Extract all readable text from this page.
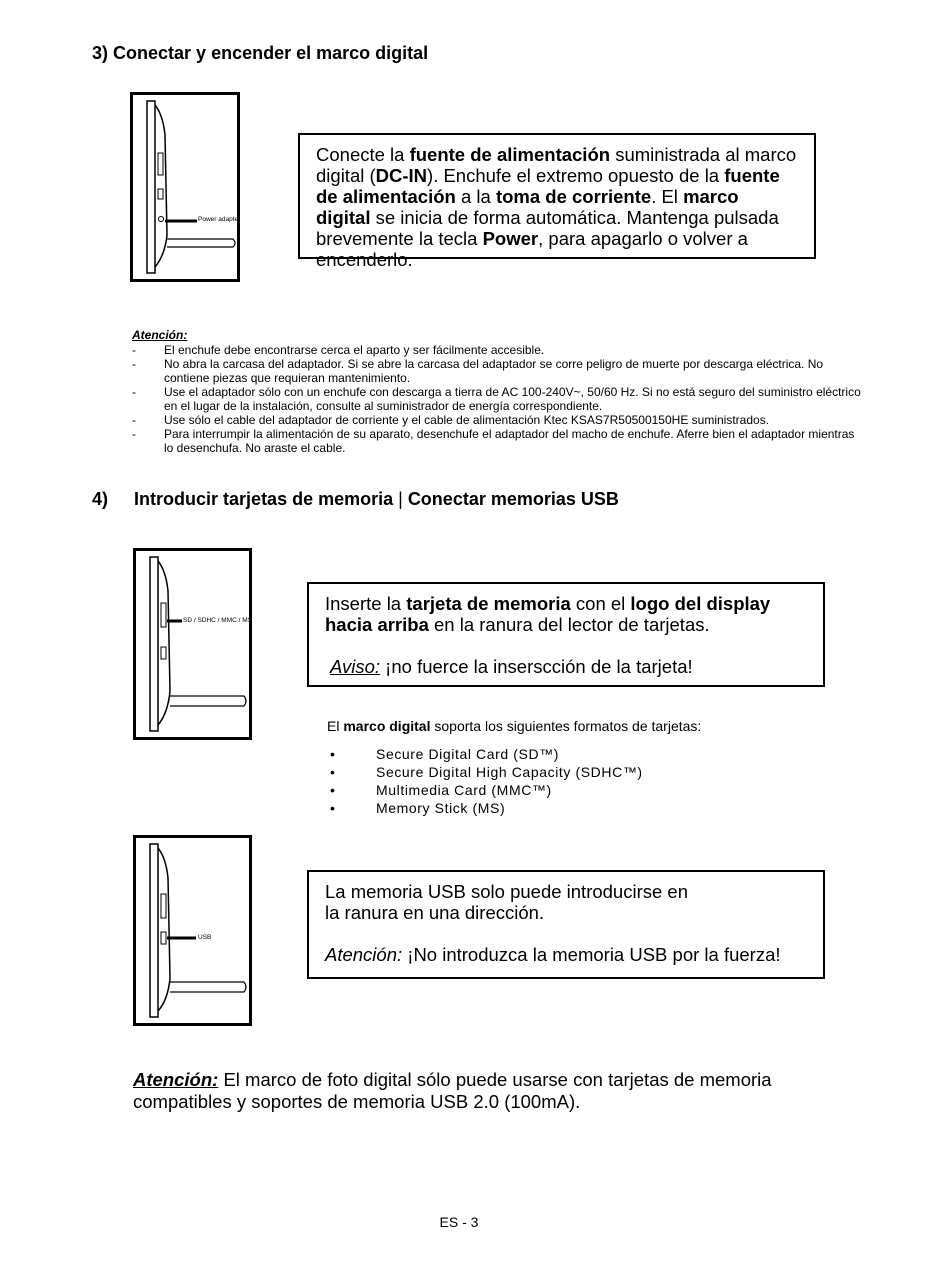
3) Conectar y encender el marco digital
Power adapter
Conecte la fuente de alimentación suministrada al marco digital (DC-IN). Enchufe el extremo opuesto de la fuente de alimentación a la toma de corriente. El marco digital se inicia de forma automática. Mantenga pulsada brevemente la tecla Power, para apagarlo o volver a encenderlo.
Atención:
- El enchufe debe encontrarse cerca el aparto y ser fácilmente accesible.
- No abra la carcasa del adaptador. Si se abre la carcasa del adaptador se corre peligro de muerte por descarga eléctrica. No contiene piezas que requieran mantenimiento.
- Use el adaptador sólo con un enchufe con descarga a tierra de AC 100-240V~, 50/60 Hz. Si no está seguro del suministro eléctrico en el lugar de la instalación, consulte al suministrador de energía correspondiente.
- Use sólo el cable del adaptador de corriente y el cable de alimentación Ktec KSAS7R50500150HE suministrados.
- Para interrumpir la alimentación de su aparato, desenchufe el adaptador del macho de enchufe. Aferre bien el adaptador mientras lo desenchufa. No araste el cable.
4) Introducir tarjetas de memoria | Conectar memorias USB
SD / SDHC / MMC / MS
Inserte la tarjeta de memoria con el logo del display hacia arriba en la ranura del lector de tarjetas.
Aviso: ¡no fuerce la inserscción de la tarjeta!
El marco digital soporta los siguientes formatos de tarjetas:
• Secure Digital Card (SD™)
• Secure Digital High Capacity (SDHC™)
• Multimedia Card (MMC™)
• Memory Stick (MS)
USB
La memoria USB solo puede introducirse en
la ranura en una dirección.
Atención: ¡No introduzca la memoria USB por la fuerza!
Atención: El marco de foto digital sólo puede usarse con tarjetas de memoria compatibles y soportes de memoria USB 2.0 (100mA).
ES - 3
